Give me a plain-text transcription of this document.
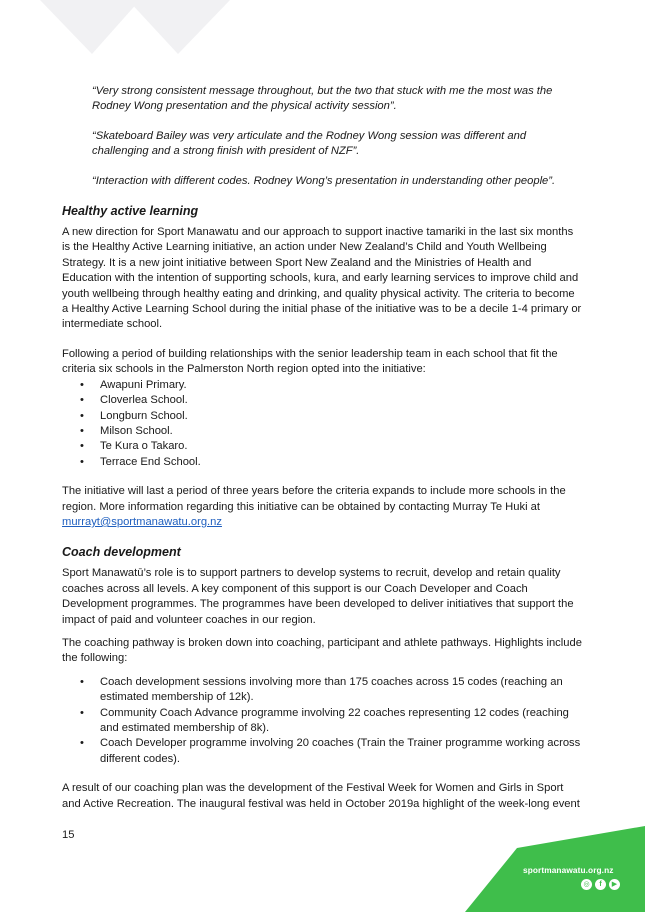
“Very strong consistent message throughout, but the two that stuck with me the most was the Rodney Wong presentation and the physical activity session”.

“Skateboard Bailey was very articulate and the Rodney Wong session was different and challenging and a strong finish with president of NZF”.

“Interaction with different codes. Rodney Wong’s presentation in understanding other people”.

Healthy active learning

A new direction for Sport Manawatu and our approach to support inactive tamariki in the last six months is the Healthy Active Learning initiative, an action under New Zealand’s Child and Youth Wellbeing Strategy. It is a new joint initiative between Sport New Zealand and the Ministries of Health and Education with the intention of supporting schools, kura, and early learning services to improve child and youth wellbeing through healthy eating and drinking, and quality physical activity. The criteria to become a Healthy Active Learning School during the initial phase of the initiative was to be a decile 1-4 primary or intermediate school.

Following a period of building relationships with the senior leadership team in each school that fit the criteria six schools in the Palmerston North region opted into the initiative:

• Awapuni Primary.
• Cloverlea School.
• Longburn School.
• Milson School.
• Te Kura o Takaro.
• Terrace End School.

The initiative will last a period of three years before the criteria expands to include more schools in the region. More information regarding this initiative can be obtained by contacting Murray Te Huki at murrayt@sportmanawatu.org.nz

Coach development

Sport Manawatū’s role is to support partners to develop systems to recruit, develop and retain quality coaches across all levels. A key component of this support is our Coach Developer and Coach Development programmes. The programmes have been developed to deliver initiatives that support the impact of paid and volunteer coaches in our region.

The coaching pathway is broken down into coaching, participant and athlete pathways. Highlights include the following:

• Coach development sessions involving more than 175 coaches across 15 codes (reaching an estimated membership of 12k).
• Community Coach Advance programme involving 22 coaches representing 12 codes (reaching and estimated membership of 8k).
• Coach Developer programme involving 20 coaches (Train the Trainer programme working across different codes).

A result of our coaching plan was the development of the Festival Week for Women and Girls in Sport and Active Recreation. The inaugural festival was held in October 2019a highlight of the week-long event

15
sportmanawatu.org.nz
◎	f	▶
